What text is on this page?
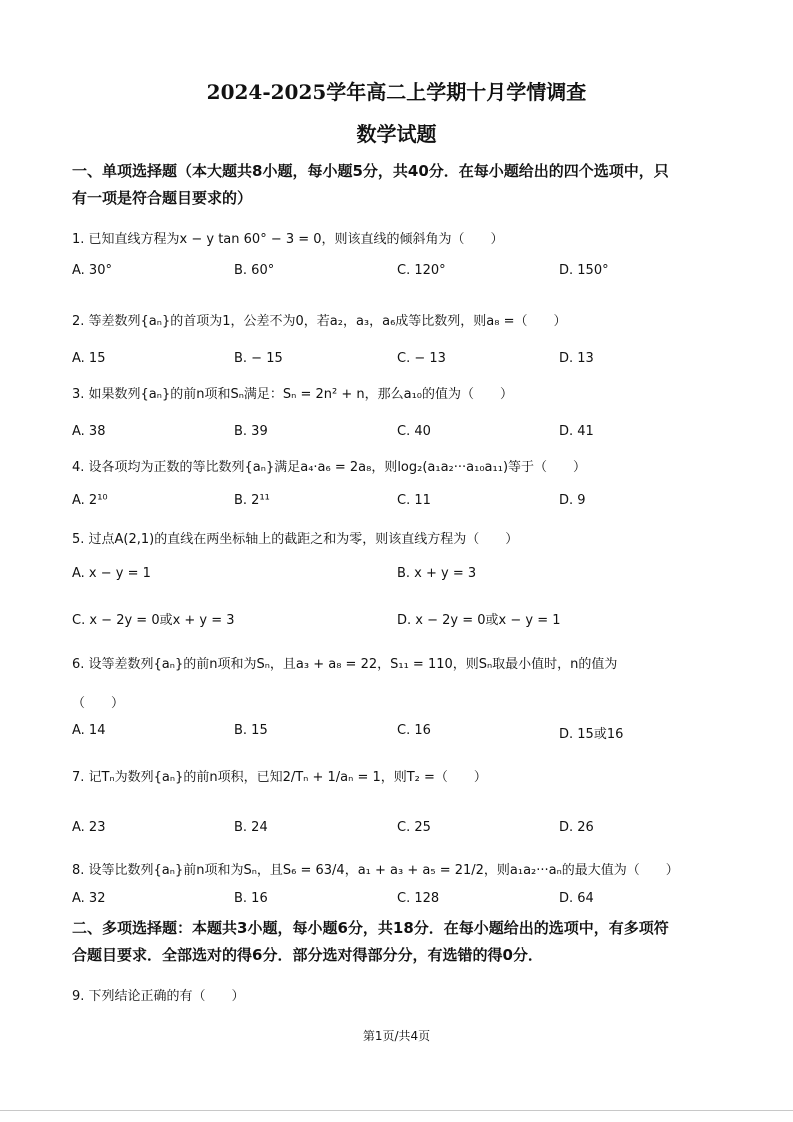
2024-2025学年高二上学期十月学情调查
数学试题
一、单项选择题（本大题共8小题，每小题5分，共40分．在每小题给出的四个选项中，只
有一项是符合题目要求的）
1. 已知直线方程为x − y tan 60° − 3 = 0，则该直线的倾斜角为（　　）
A. 30°	B. 60°	C. 120°	D. 150°
2. 等差数列{aₙ}的首项为1，公差不为0，若a₂，a₃，a₆成等比数列，则a₈ =（　　）
A. 15	B. − 15	C. − 13	D. 13
3. 如果数列{aₙ}的前n项和Sₙ满足：Sₙ = 2n² + n，那么a₁₀的值为（　　）
A. 38	B. 39	C. 40	D. 41
4. 设各项均为正数的等比数列{aₙ}满足a₄·a₆ = 2a₈，则log₂(a₁a₂···a₁₀a₁₁)等于（　　）
A. 2¹⁰	B. 2¹¹	C. 11	D. 9
5. 过点A(2,1)的直线在两坐标轴上的截距之和为零，则该直线方程为（　　）
A. x − y = 1	B. x + y = 3
C. x − 2y = 0或x + y = 3	D. x − 2y = 0或x − y = 1
6. 设等差数列{aₙ}的前n项和为Sₙ，且a₃ + a₈ = 22，S₁₁ = 110，则Sₙ取最小值时，n的值为
（　　）
A. 14	B. 15	C. 16	D. 15或16
7. 记Tₙ为数列{aₙ}的前n项积，已知2/Tₙ + 1/aₙ = 1，则T₂ =（　　）
A. 23	B. 24	C. 25	D. 26
8. 设等比数列{aₙ}前n项和为Sₙ，且S₆ = 63/4，a₁ + a₃ + a₅ = 21/2，则a₁a₂···aₙ的最大值为（　　）
A. 32	B. 16	C. 128	D. 64
二、多项选择题：本题共3小题，每小题6分，共18分．在每小题给出的选项中，有多项符
合题目要求．全部选对的得6分．部分选对得部分分，有选错的得0分．
9. 下列结论正确的有（　　）
第1页/共4页
